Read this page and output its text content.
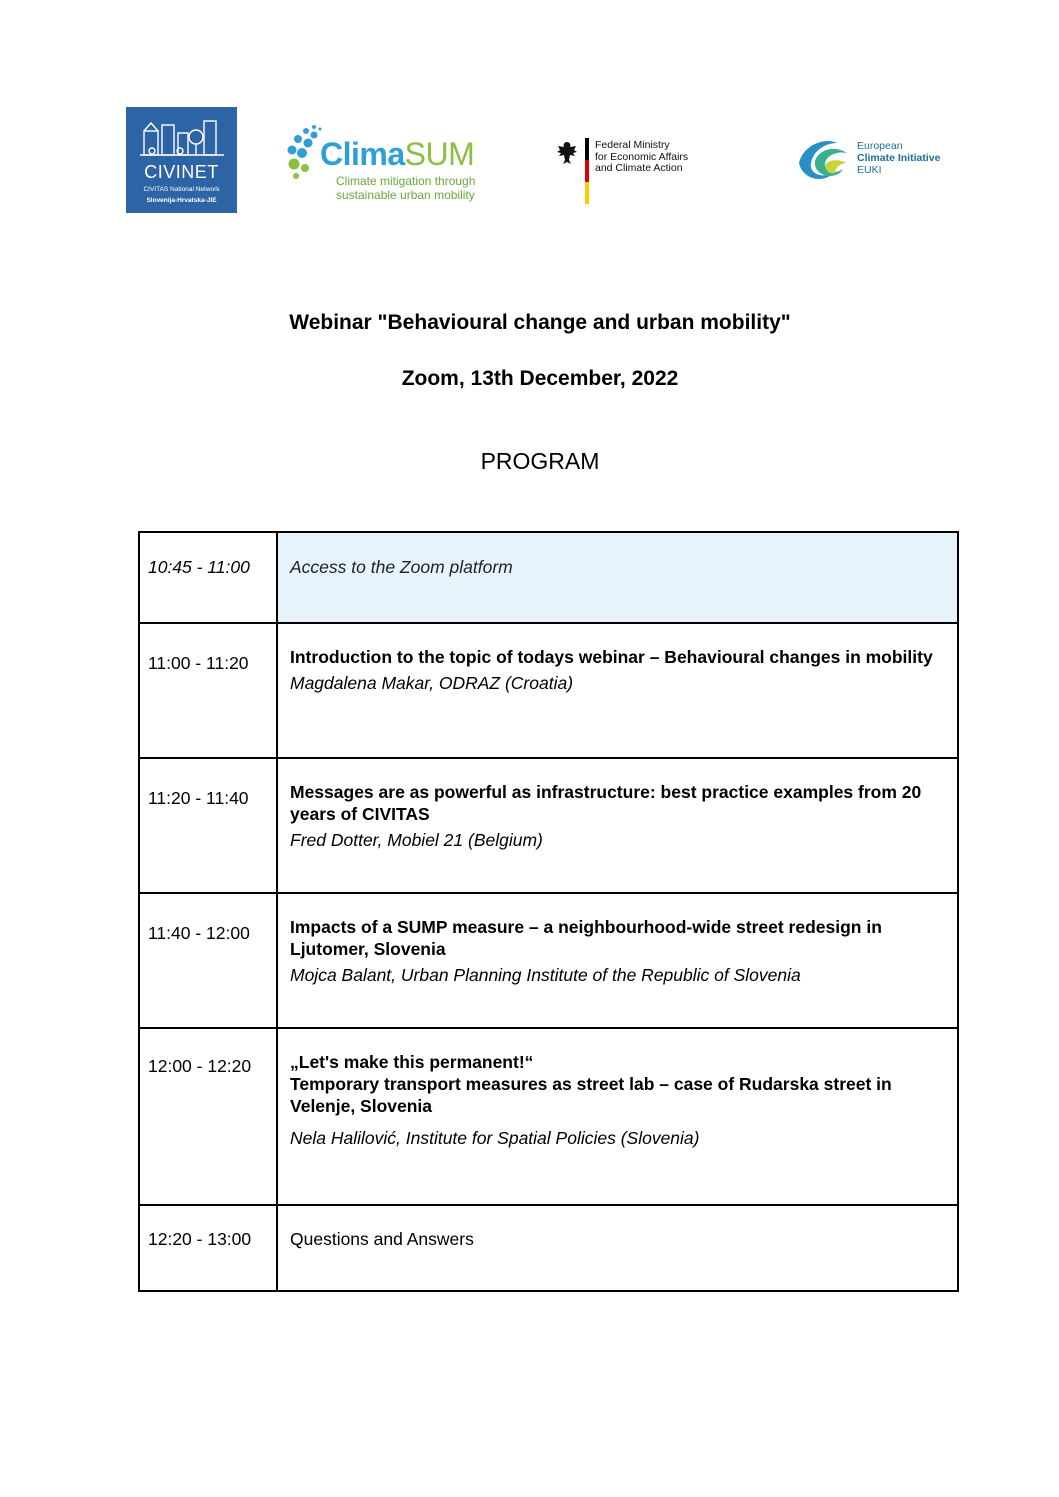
CIVINET
CIVITAS National Network
Slovenija-Hrvatska-JIE
ClimaSUM
Climate mitigation through
sustainable urban mobility
Federal Ministry
for Economic Affairs
and Climate Action
European
Climate Initiative
EUKI
Webinar "Behavioural change and urban mobility"
Zoom, 13th December, 2022
PROGRAM
10:45 - 11:00	Access to the Zoom platform
11:00 - 11:20	Introduction to the topic of todays webinar – Behavioural changes in mobility

Magdalena Makar, ODRAZ (Croatia)

11:20 - 11:40	Messages are as powerful as infrastructure: best practice examples from 20 years of CIVITAS

Fred Dotter, Mobiel 21 (Belgium)

11:40 - 12:00	Impacts of a SUMP measure – a neighbourhood-wide street redesign in Ljutomer, Slovenia

Mojca Balant, Urban Planning Institute of the Republic of Slovenia

12:00 - 12:20	„Let's make this permanent!“

Temporary transport measures as street lab – case of Rudarska street in Velenje, Slovenia

Nela Halilović, Institute for Spatial Policies (Slovenia)

12:20 - 13:00	Questions and Answers
